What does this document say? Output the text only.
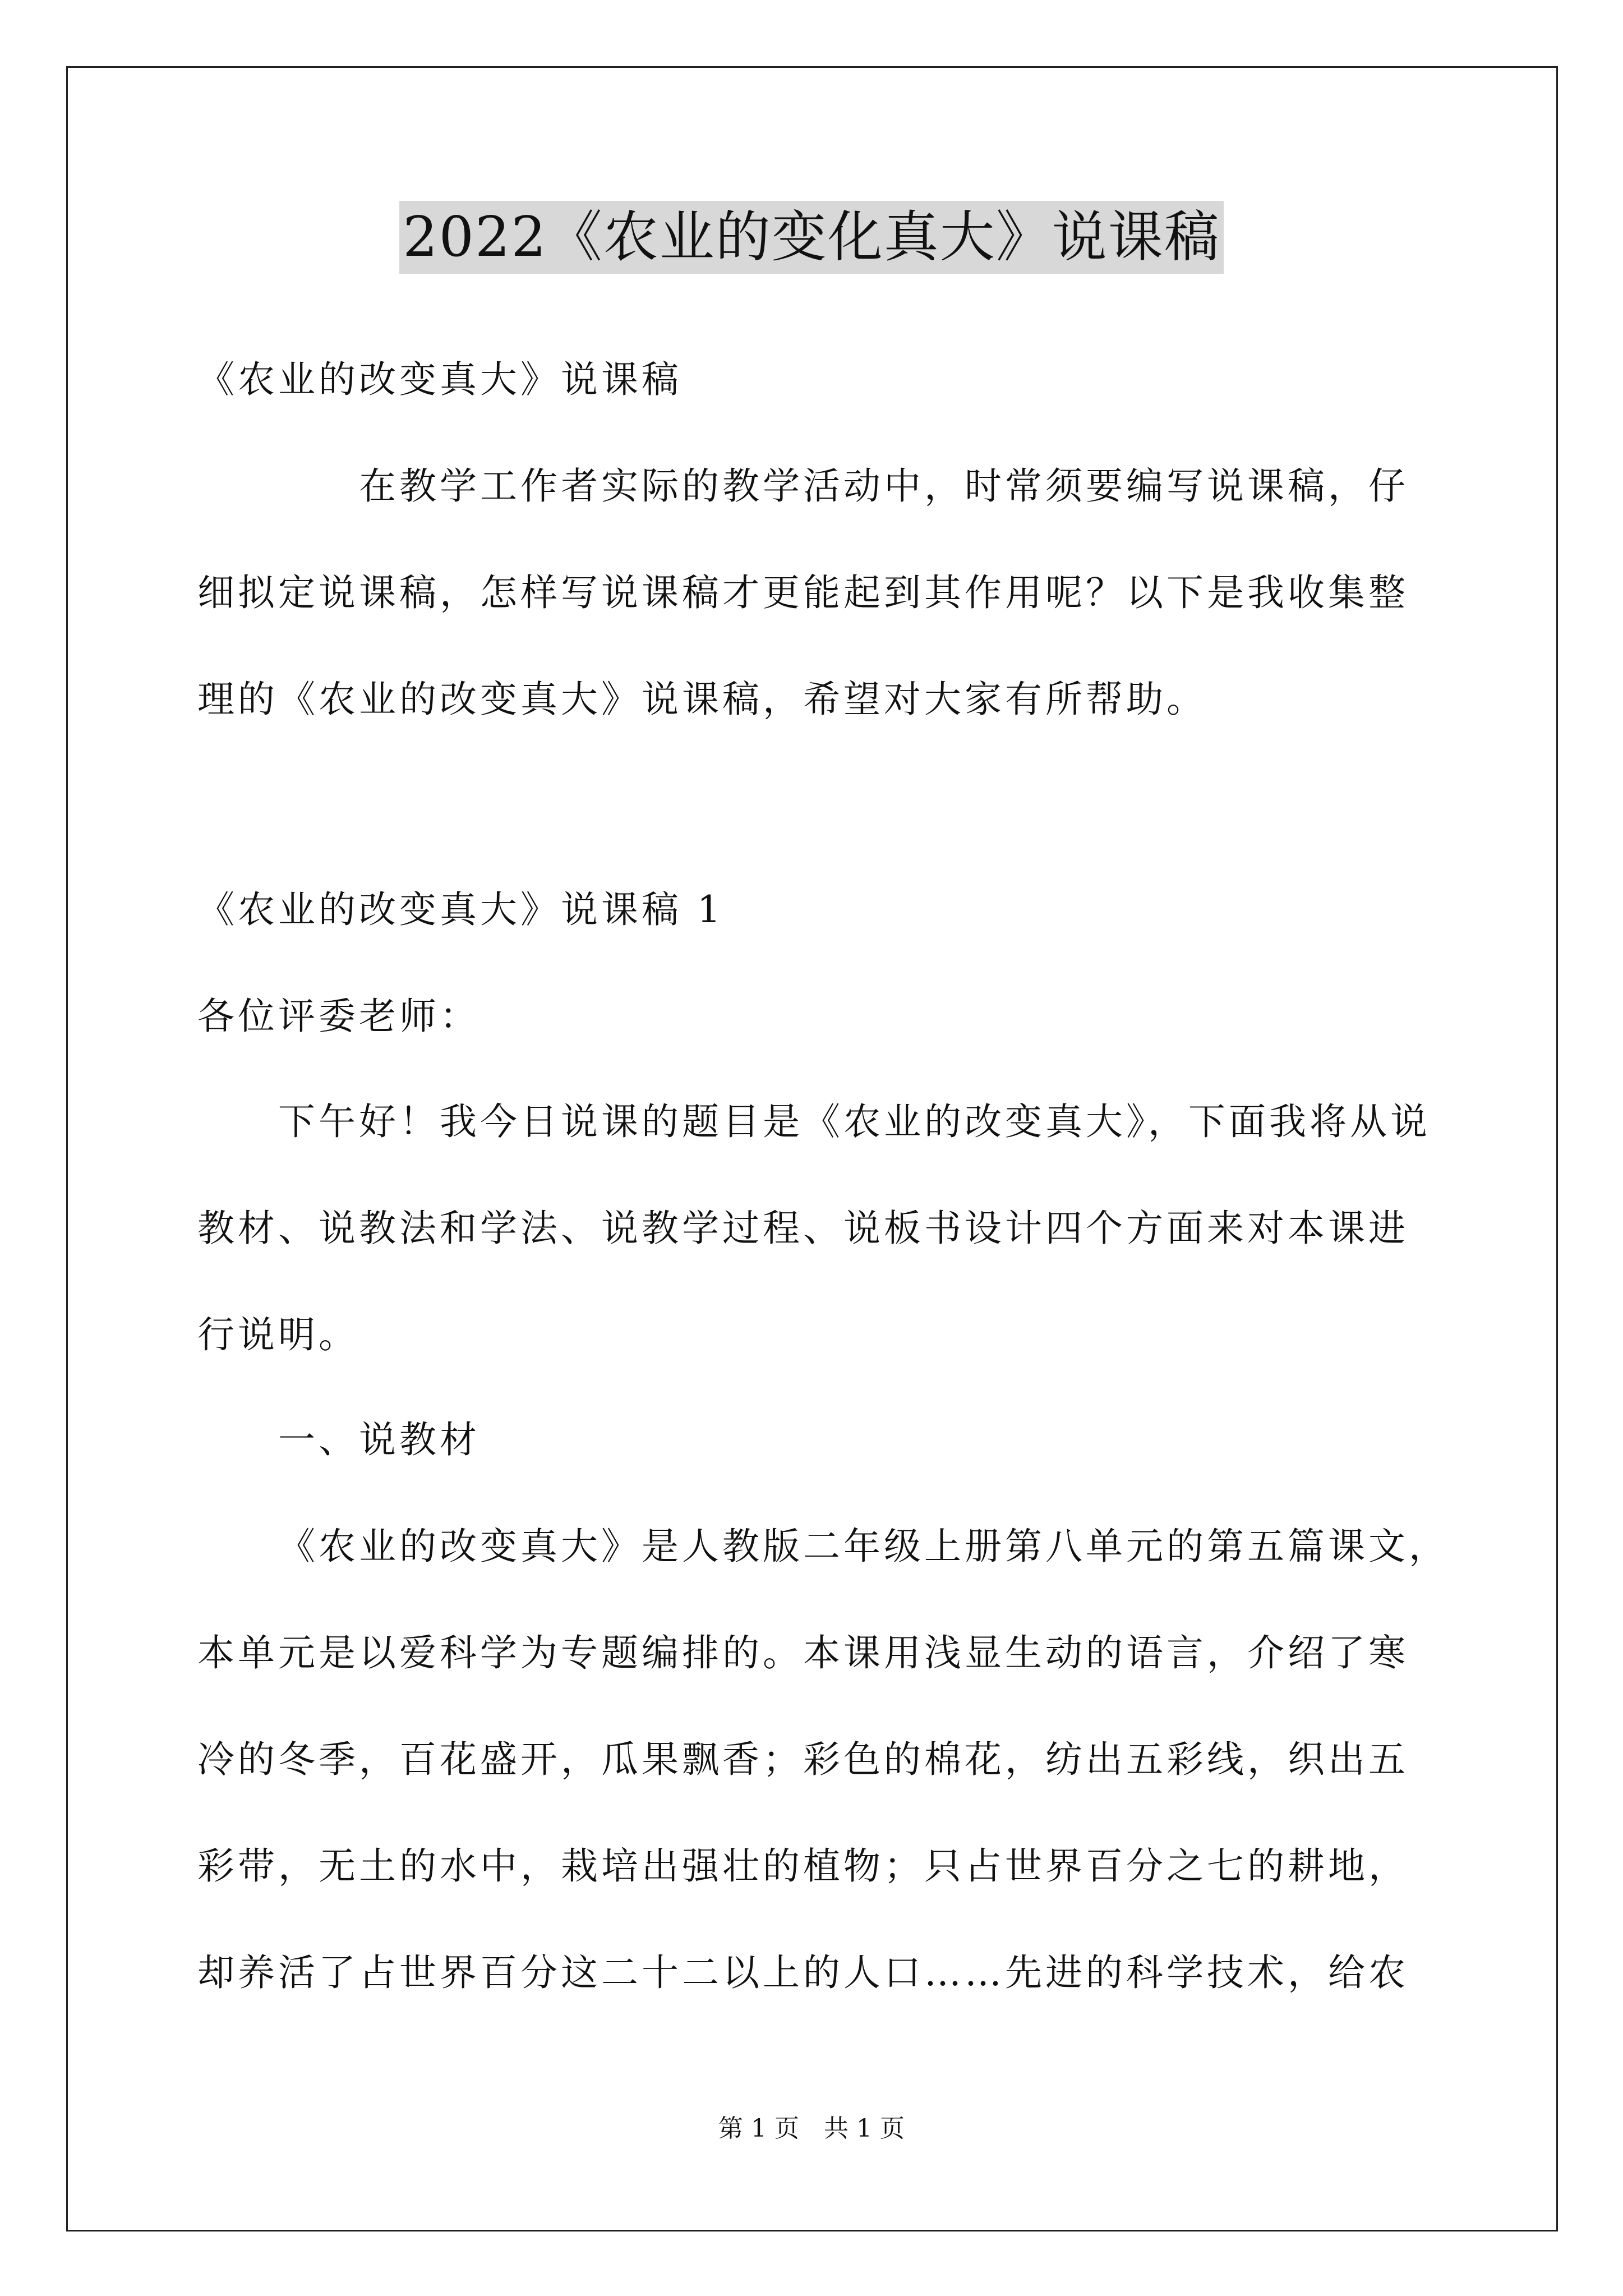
2022《农业的变化真大》说课稿
《农业的改变真大》说课稿
在教学工作者实际的教学活动中，时常须要编写说课稿，仔
细拟定说课稿，怎样写说课稿才更能起到其作用呢？以下是我收集整
理的《农业的改变真大》说课稿，希望对大家有所帮助。
《农业的改变真大》说课稿 1
各位评委老师：
下午好！我今日说课的题目是《农业的改变真大》，下面我将从说
教材、说教法和学法、说教学过程、说板书设计四个方面来对本课进
行说明。
一、说教材
《农业的改变真大》是人教版二年级上册第八单元的第五篇课文，
本单元是以爱科学为专题编排的。本课用浅显生动的语言，介绍了寒
冷的冬季，百花盛开，瓜果飘香；彩色的棉花，纺出五彩线，织出五
彩带，无土的水中，栽培出强壮的植物；只占世界百分之七的耕地，
却养活了占世界百分这二十二以上的人口……先进的科学技术，给农
第 1 页　共 1 页
